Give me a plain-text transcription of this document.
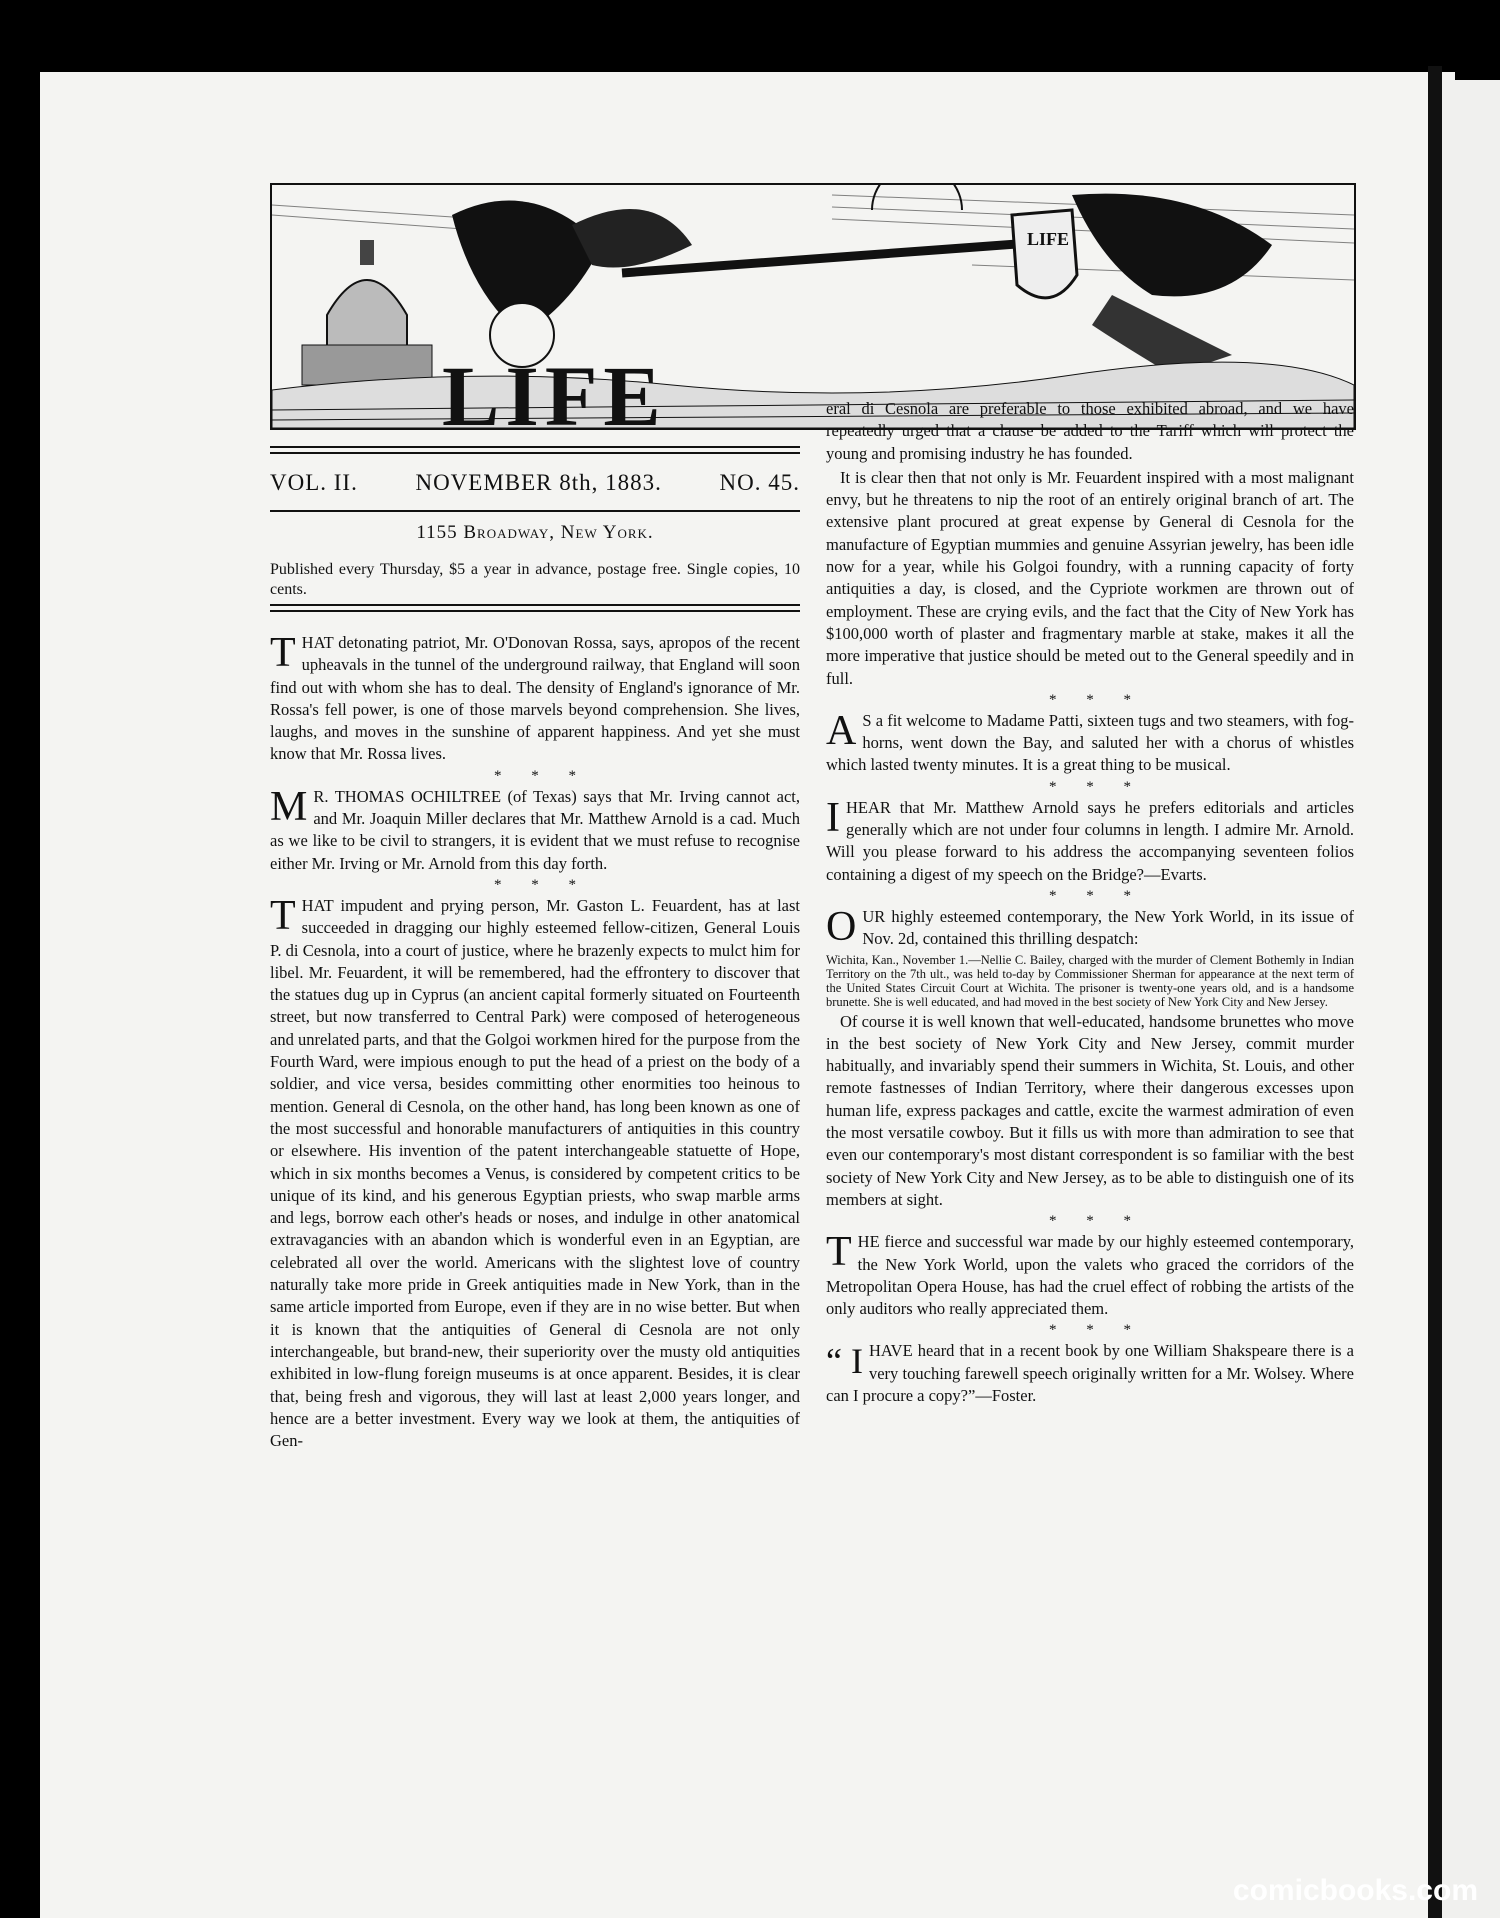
LIFE
LIFE
VOL. II.	NOVEMBER 8th, 1883.	NO. 45.
1155 Broadway, New York.
Published every Thursday, $5 a year in advance, postage free. Single copies, 10 cents.

THAT detonating patriot, Mr. O'Donovan Rossa, says, apropos of the recent upheavals in the tunnel of the underground railway, that England will soon find out with whom she has to deal. The density of England's ignorance of Mr. Rossa's fell power, is one of those marvels beyond comprehension. She lives, laughs, and moves in the sunshine of apparent happiness. And yet she must know that Mr. Rossa lives.

* * *

M R. THOMAS OCHILTREE (of Texas) says that Mr. Irving cannot act, and Mr. Joaquin Miller declares that Mr. Matthew Arnold is a cad. Much as we like to be civil to strangers, it is evident that we must refuse to recognise either Mr. Irving or Mr. Arnold from this day forth.

* * *

THAT impudent and prying person, Mr. Gaston L. Feuardent, has at last succeeded in dragging our highly esteemed fellow-citizen, General Louis P. di Cesnola, into a court of justice, where he brazenly expects to mulct him for libel. Mr. Feuardent, it will be remembered, had the effrontery to discover that the statues dug up in Cyprus (an ancient capital formerly situated on Fourteenth street, but now transferred to Central Park) were composed of heterogeneous and unrelated parts, and that the Golgoi workmen hired for the purpose from the Fourth Ward, were impious enough to put the head of a priest on the body of a soldier, and vice versa, besides committing other enormities too heinous to mention. General di Cesnola, on the other hand, has long been known as one of the most successful and honorable manufacturers of antiquities in this country or elsewhere. His invention of the patent interchangeable statuette of Hope, which in six months becomes a Venus, is considered by competent critics to be unique of its kind, and his generous Egyptian priests, who swap marble arms and legs, borrow each other's heads or noses, and indulge in other anatomical extravagancies with an abandon which is wonderful even in an Egyptian, are celebrated all over the world. Americans with the slightest love of country naturally take more pride in Greek antiquities made in New York, than in the same article imported from Europe, even if they are in no wise better. But when it is known that the antiquities of General di Cesnola are not only interchangeable, but brand-new, their superiority over the musty old antiquities exhibited in low-flung foreign museums is at once apparent. Besides, it is clear that, being fresh and vigorous, they will last at least 2,000 years longer, and hence are a better investment. Every way we look at them, the antiquities of Gen-

eral di Cesnola are preferable to those exhibited abroad, and we have repeatedly urged that a clause be added to the Tariff which will protect the young and promising industry he has founded.

It is clear then that not only is Mr. Feuardent inspired with a most malignant envy, but he threatens to nip the root of an entirely original branch of art. The extensive plant procured at great expense by General di Cesnola for the manufacture of Egyptian mummies and genuine Assyrian jewelry, has been idle now for a year, while his Golgoi foundry, with a running capacity of forty antiquities a day, is closed, and the Cypriote workmen are thrown out of employment. These are crying evils, and the fact that the City of New York has $100,000 worth of plaster and fragmentary marble at stake, makes it all the more imperative that justice should be meted out to the General speedily and in full.

* * *

A S a fit welcome to Madame Patti, sixteen tugs and two steamers, with fog-horns, went down the Bay, and saluted her with a chorus of whistles which lasted twenty minutes. It is a great thing to be musical.

* * *

IHEAR that Mr. Matthew Arnold says he prefers editorials and articles generally which are not under four columns in length. I admire Mr. Arnold. Will you please forward to his address the accompanying seventeen folios containing a digest of my speech on the Bridge?—Evarts.

* * *

OUR highly esteemed contemporary, the New York World, in its issue of Nov. 2d, contained this thrilling despatch:

Wichita, Kan., November 1.—Nellie C. Bailey, charged with the murder of Clement Bothemly in Indian Territory on the 7th ult., was held to-day by Commissioner Sherman for appearance at the next term of the United States Circuit Court at Wichita. The prisoner is twenty-one years old, and is a handsome brunette. She is well educated, and had moved in the best society of New York City and New Jersey.

Of course it is well known that well-educated, handsome brunettes who move in the best society of New York City and New Jersey, commit murder habitually, and invariably spend their summers in Wichita, St. Louis, and other remote fastnesses of Indian Territory, where their dangerous excesses upon human life, express packages and cattle, excite the warmest admiration of even the most versatile cowboy. But it fills us with more than admiration to see that even our contemporary's most distant correspondent is so familiar with the best society of New York City and New Jersey, as to be able to distinguish one of its members at sight.

* * *

THE fierce and successful war made by our highly esteemed contemporary, the New York World, upon the valets who graced the corridors of the Metropolitan Opera House, has had the cruel effect of robbing the artists of the only auditors who really appreciated them.

* * *

“ I HAVE heard that in a recent book by one William Shakspeare there is a very touching farewell speech originally written for a Mr. Wolsey. Where can I procure a copy?”—Foster.

comicbooks.com
